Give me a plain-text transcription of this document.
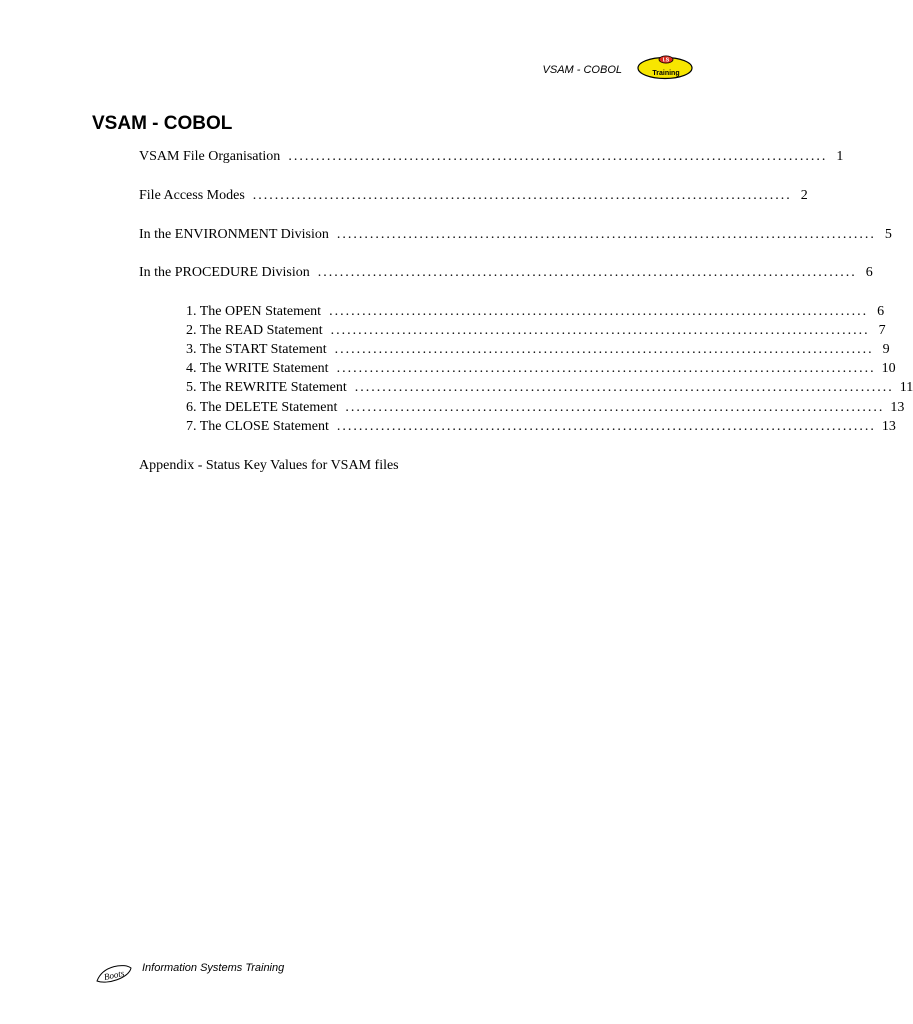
VSAM - COBOL
I.S
Training
VSAM - COBOL
VSAM File Organisation .................................................................................................. 1
File Access Modes .................................................................................................. 2
In the ENVIRONMENT Division .................................................................................................. 5
In the PROCEDURE Division .................................................................................................. 6
1. The OPEN Statement .................................................................................................. 6
2. The READ Statement .................................................................................................. 7
3. The START Statement .................................................................................................. 9
4. The WRITE Statement .................................................................................................. 10
5. The REWRITE Statement .................................................................................................. 11
6. The DELETE Statement .................................................................................................. 13
7. The CLOSE Statement .................................................................................................. 13
Appendix - Status Key Values for VSAM files
Boots Information Systems Training
